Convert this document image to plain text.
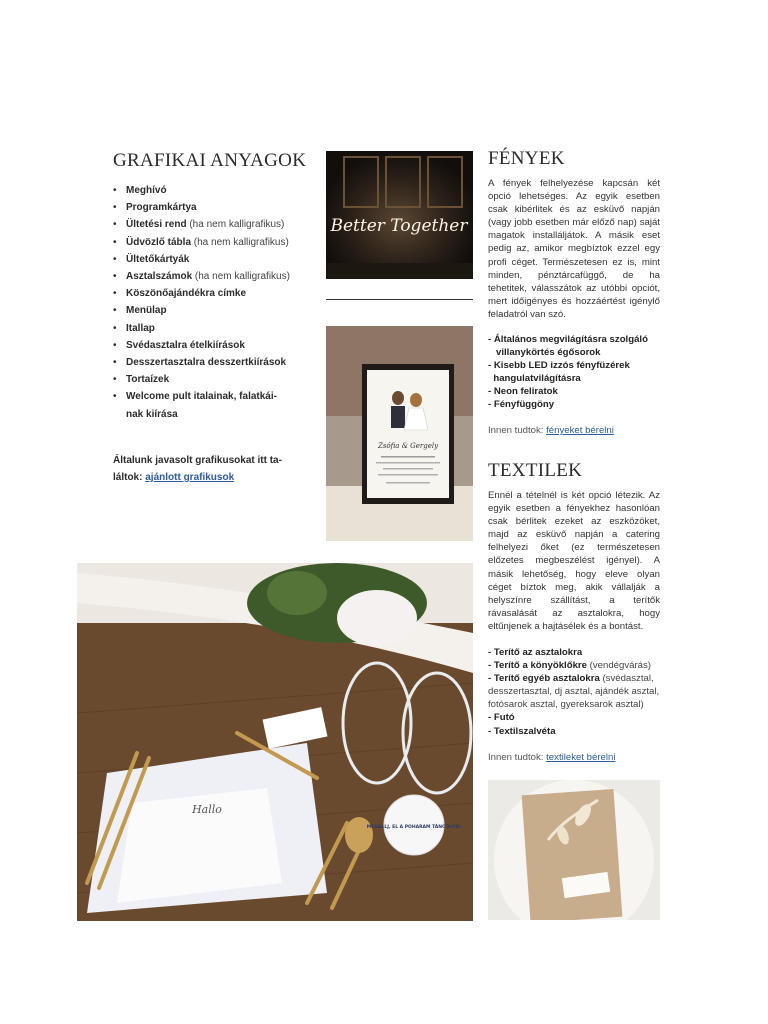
GRAFIKAI ANYAGOK
• Meghívó
• Programkártya
• Ültetési rend (ha nem kalligrafikus)
• Üdvözlő tábla (ha nem kalligrafikus)
• Ültetőkártyák
• Asztalszámok (ha nem kalligrafikus)
• Köszönőajándékra címke
• Menülap
• Itallap
• Svédasztalra ételkiírások
• Desszertasztalra desszertkiírások
• Tortaízek
• Welcome pult italainak, falatkái-
nak kiírása
Általunk javasolt grafikusokat itt ta-
láltok: ajánlott grafikusok
Better Together
Zsófia & Gergely
Hallo
MEGÁLLJ, EL A POHARAM TÁNCOLOK!
FÉNYEK

A fények felhelyezése kapcsán két opció lehetséges. Az egyik esetben csak kibérlitek és az esküvő napján (vagy jobb esetben már előző nap) saját magatok installáljátok. A másik eset pedig az, amikor megbíztok ezzel egy profi céget. Természetesen ez is, mint minden, pénztárcafüggő, de ha tehetitek, válasszátok az utóbbi opciót, mert időigényes és hozzáértést igénylő feladatról van szó.

- Általános megvilágításra szolgáló
villanykörtés égősorok
- Kisebb LED izzós fényfüzérek
hangulatvilágításra
- Neon feliratok
- Fényfüggöny

Innen tudtok: fényeket bérelni

TEXTILEK

Ennél a tételnél is két opció létezik. Az egyik esetben a fényekhez hasonlóan csak bérlitek ezeket az eszközöket, majd az esküvő napján a catering felhelyezi őket (ez természetesen előzetes megbeszélést igényel). A másik lehetőség, hogy eleve olyan céget bíztok meg, akik vállalják a helyszínre szállítást, a terítők rávasalását az asztalokra, hogy eltűnjenek a hajtásélek és a bontást.

- Terítő az asztalokra
- Terítő a könyöklőkre (vendégvárás)
- Terítő egyéb asztalokra (svédasztal, desszertasztal, dj asztal, ajándék asztal, fotósarok asztal, gyereksarok asztal)
- Futó
- Textilszalvéta

Innen tudtok: textileket bérelni
